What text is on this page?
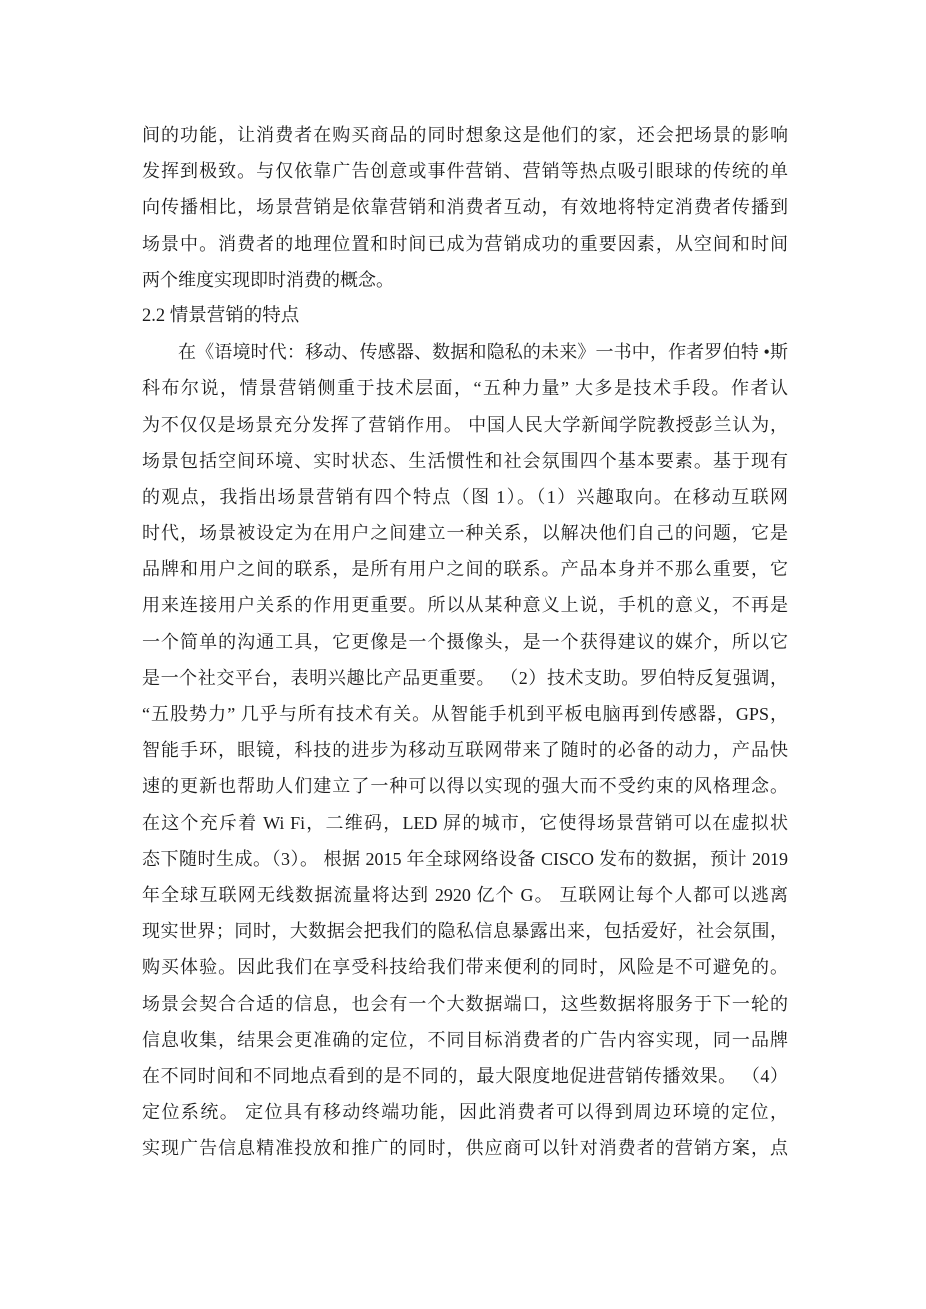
间的功能，让消费者在购买商品的同时想象这是他们的家，还会把场景的影响
发挥到极致。与仅依靠广告创意或事件营销、营销等热点吸引眼球的传统的单
向传播相比，场景营销是依靠营销和消费者互动，有效地将特定消费者传播到
场景中。消费者的地理位置和时间已成为营销成功的重要因素，从空间和时间
两个维度实现即时消费的概念。
2.2 情景营销的特点
在《语境时代：移动、传感器、数据和隐私的未来》一书中，作者罗伯特 •斯
科布尔说，情景营销侧重于技术层面，“五种力量” 大多是技术手段。作者认
为不仅仅是场景充分发挥了营销作用。 中国人民大学新闻学院教授彭兰认为，
场景包括空间环境、实时状态、生活惯性和社会氛围四个基本要素。基于现有
的观点，我指出场景营销有四个特点（图 1）。（1）兴趣取向。在移动互联网
时代，场景被设定为在用户之间建立一种关系，以解决他们自己的问题，它是
品牌和用户之间的联系，是所有用户之间的联系。产品本身并不那么重要，它
用来连接用户关系的作用更重要。所以从某种意义上说，手机的意义，不再是
一个简单的沟通工具，它更像是一个摄像头，是一个获得建议的媒介，所以它
是一个社交平台，表明兴趣比产品更重要。 （2）技术支助。罗伯特反复强调，
“五股势力” 几乎与所有技术有关。从智能手机到平板电脑再到传感器，GPS，
智能手环，眼镜，科技的进步为移动互联网带来了随时的必备的动力，产品快
速的更新也帮助人们建立了一种可以得以实现的强大而不受约束的风格理念。
在这个充斥着 Wi Fi，二维码，LED 屏的城市，它使得场景营销可以在虚拟状
态下随时生成。（3）。 根据 2015 年全球网络设备 CISCO 发布的数据，预计 2019
年全球互联网无线数据流量将达到 2920 亿个 G。 互联网让每个人都可以逃离
现实世界；同时，大数据会把我们的隐私信息暴露出来，包括爱好，社会氛围，
购买体验。因此我们在享受科技给我们带来便利的同时，风险是不可避免的。
场景会契合合适的信息，也会有一个大数据端口，这些数据将服务于下一轮的
信息收集，结果会更准确的定位，不同目标消费者的广告内容实现，同一品牌
在不同时间和不同地点看到的是不同的，最大限度地促进营销传播效果。 （4）
定位系统。 定位具有移动终端功能，因此消费者可以得到周边环境的定位，
实现广告信息精准投放和推广的同时，供应商可以针对消费者的营销方案，点
